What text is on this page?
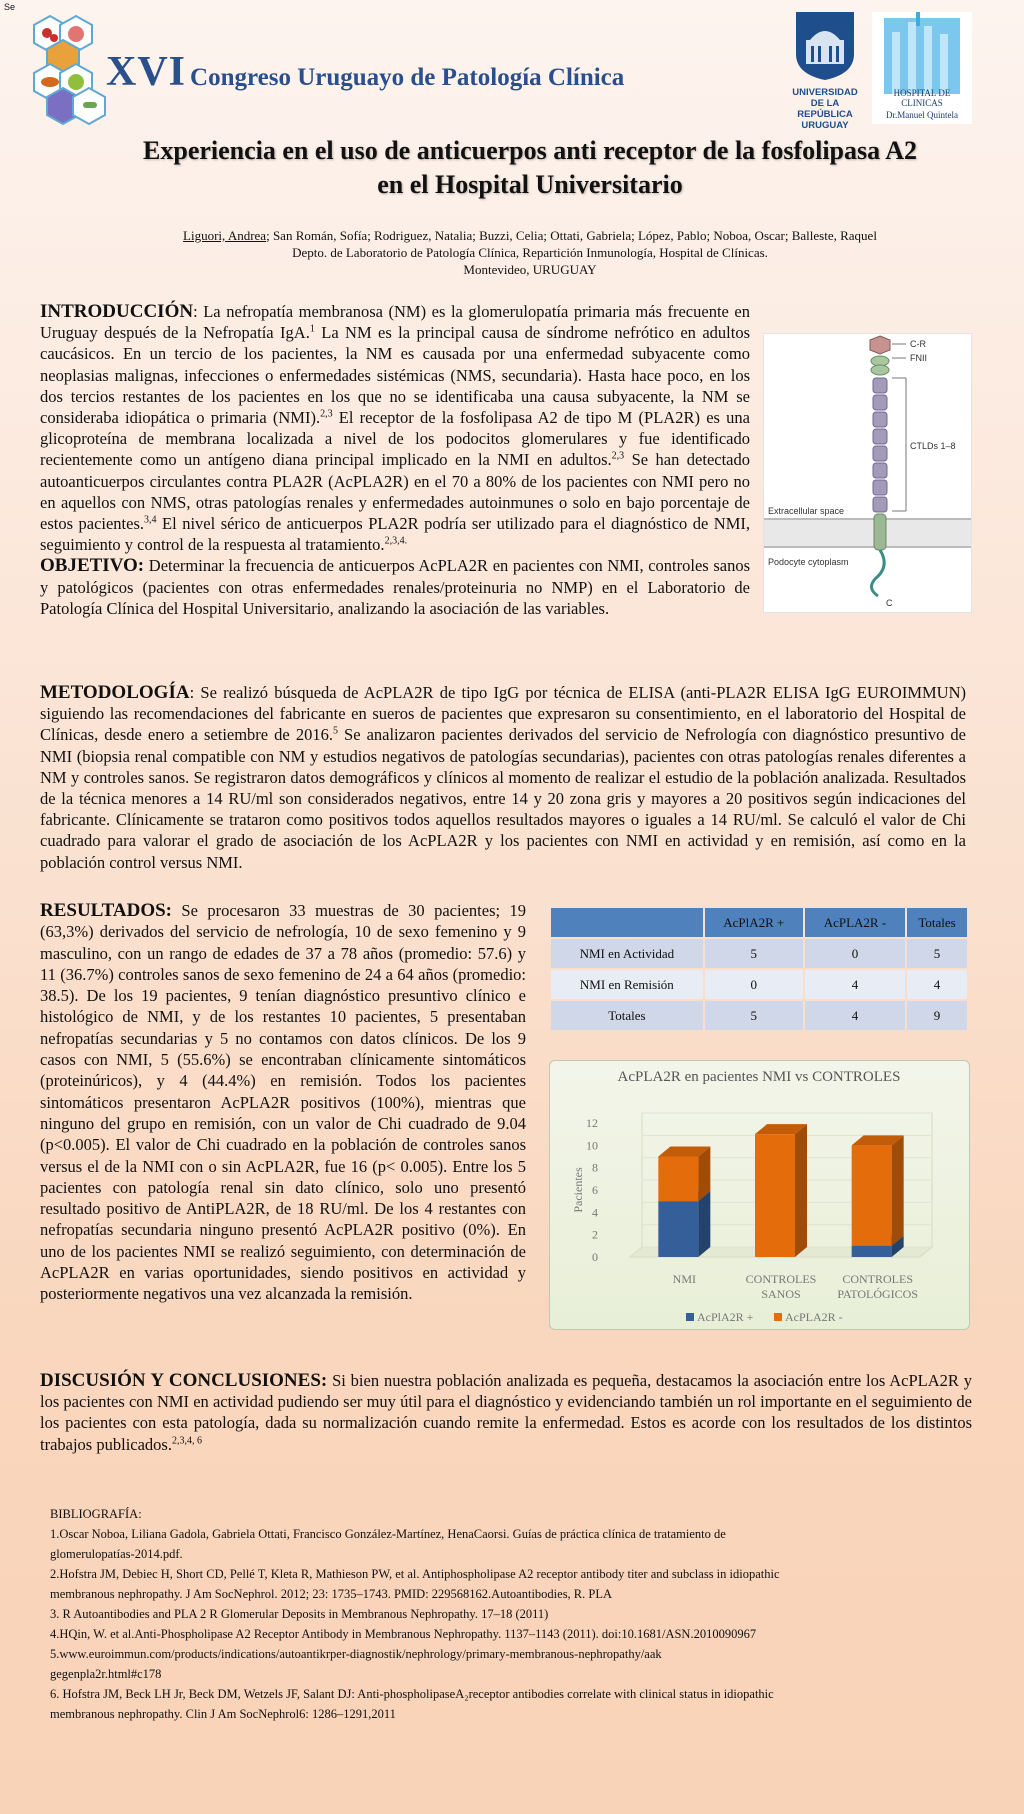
Se
XVI Congreso Uruguayo de Patología Clínica
UNIVERSIDAD
DE LA REPÚBLICA
URUGUAY
HOSPITAL DE CLINICAS
Dr.Manuel Quintela
Experiencia en el uso de anticuerpos anti receptor de la fosfolipasa A2
en el Hospital Universitario
Liguori, Andrea; San Román, Sofía; Rodriguez, Natalia; Buzzi, Celia; Ottati, Gabriela; López, Pablo; Noboa, Oscar; Balleste, Raquel
Depto. de Laboratorio de Patología Clínica, Repartición Inmunología, Hospital de Clínicas.
Montevideo, URUGUAY
INTRODUCCIÓN: La nefropatía membranosa (NM) es la glomerulopatía primaria más frecuente en Uruguay después de la Nefropatía IgA.$^1$ La NM es la principal causa de síndrome nefrótico en adultos caucásicos. En un tercio de los pacientes, la NM es causada por una enfermedad subyacente como neoplasias malignas, infecciones o enfermedades sistémicas (NMS, secundaria). Hasta hace poco, en los dos tercios restantes de los pacientes en los que no se identificaba una causa subyacente, la NM se consideraba idiopática o primaria (NMI).$^{2,3}$ El receptor de la fosfolipasa A2 de tipo M (PLA2R) es una glicoproteína de membrana localizada a nivel de los podocitos glomerulares y fue identificado recientemente como un antígeno diana principal implicado en la NMI en adultos.$^{2,3}$ Se han detectado autoanticuerpos circulantes contra PLA2R (AcPLA2R) en el 70 a 80% de los pacientes con NMI pero no en aquellos con NMS, otras patologías renales y enfermedades autoinmunes o solo en bajo porcentaje de estos pacientes.$^{3,4}$ El nivel sérico de anticuerpos PLA2R podría ser utilizado para el diagnóstico de NMI, seguimiento y control de la respuesta al tratamiento.$^{2,3,4.}$
OBJETIVO: Determinar la frecuencia de anticuerpos AcPLA2R en pacientes con NMI, controles sanos y patológicos (pacientes con otras enfermedades renales/proteinuria no NMP) en el Laboratorio de Patología Clínica del Hospital Universitario, analizando la asociación de las variables.
C-R
FNII
CTLDs 1–8
Extracellular space
Podocyte cytoplasm
C
METODOLOGÍA: Se realizó búsqueda de AcPLA2R de tipo IgG por técnica de ELISA (anti-PLA2R ELISA IgG EUROIMMUN) siguiendo las recomendaciones del fabricante en sueros de pacientes que expresaron su consentimiento, en el laboratorio del Hospital de Clínicas, desde enero a setiembre de 2016.$^5$ Se analizaron pacientes derivados del servicio de Nefrología con diagnóstico presuntivo de NMI (biopsia renal compatible con NM y estudios negativos de patologías secundarias), pacientes con otras patologías renales diferentes a NM y controles sanos. Se registraron datos demográficos y clínicos al momento de realizar el estudio de la población analizada. Resultados de la técnica menores a 14 RU/ml son considerados negativos, entre 14 y 20 zona gris y mayores a 20 positivos según indicaciones del fabricante. Clínicamente se trataron como positivos todos aquellos resultados mayores o iguales a 14 RU/ml. Se calculó el valor de Chi cuadrado para valorar el grado de asociación de los AcPLA2R y los pacientes con NMI en actividad y en remisión, así como en la población control versus NMI.
RESULTADOS: Se procesaron 33 muestras de 30 pacientes; 19 (63,3%) derivados del servicio de nefrología, 10 de sexo femenino y 9 masculino, con un rango de edades de 37 a 78 años (promedio: 57.6) y 11 (36.7%) controles sanos de sexo femenino de 24 a 64 años (promedio: 38.5). De los 19 pacientes, 9 tenían diagnóstico presuntivo clínico e histológico de NMI, y de los restantes 10 pacientes, 5 presentaban nefropatías secundarias y 5 no contamos con datos clínicos. De los 9 casos con NMI, 5 (55.6%) se encontraban clínicamente sintomáticos (proteinúricos), y 4 (44.4%) en remisión. Todos los pacientes sintomáticos presentaron AcPLA2R positivos (100%), mientras que ninguno del grupo en remisión, con un valor de Chi cuadrado de 9.04 (p<0.005). El valor de Chi cuadrado en la población de controles sanos versus el de la NMI con o sin AcPLA2R, fue 16 (p< 0.005). Entre los 5 pacientes con patología renal sin dato clínico, solo uno presentó resultado positivo de AntiPLA2R, de 18 RU/ml. De los 4 restantes con nefropatías secundaria ninguno presentó AcPLA2R positivo (0%). En uno de los pacientes NMI se realizó seguimiento, con determinación de AcPLA2R en varias oportunidades, siendo positivos en actividad y posteriormente negativos una vez alcanzada la remisión.
	AcPlA2R +	AcPLA2R -	Totales
NMI en Actividad	5	0	5
NMI en Remisión	0	4	4
Totales	5	4	9
AcPLA2R en pacientes NMI vs CONTROLES
0
2
4
6
8
10
12
Pacientes
NMI	CONTROLES
SANOS
CONTROLES
PATOLÓGICOS
AcPlA2R +	AcPLA2R -
DISCUSIÓN Y CONCLUSIONES: Si bien nuestra población analizada es pequeña, destacamos la asociación entre los AcPLA2R y los pacientes con NMI en actividad pudiendo ser muy útil para el diagnóstico y evidenciando también un rol importante en el seguimiento de los pacientes con esta patología, dada su normalización cuando remite la enfermedad. Estos es acorde con los resultados de los distintos trabajos publicados.$^{2,3,4, 6}$

BIBLIOGRAFÍA:

1.Oscar Noboa, Liliana Gadola, Gabriela Ottati, Francisco González-Martínez, HenaCaorsi. Guías de práctica clínica de tratamiento de
glomerulopatías-2014.pdf.

2.Hofstra JM, Debiec H, Short CD, Pellé T, Kleta R, Mathieson PW, et al. Antiphospholipase A2 receptor antibody titer and subclass in idiopathic
membranous nephropathy. J Am SocNephrol. 2012; 23: 1735–1743. PMID: 229568162.Autoantibodies, R. PLA

3. R Autoantibodies and PLA 2 R Glomerular Deposits in Membranous Nephropathy. 17–18 (2011)

4.HQin, W. et al.Anti-Phospholipase A2 Receptor Antibody in Membranous Nephropathy. 1137–1143 (2011). doi:10.1681/ASN.2010090967

5.www.euroimmun.com/products/indications/autoantikrper-diagnostik/nephrology/primary-membranous-nephropathy/aak
gegenpla2r.html#c178

6. Hofstra JM, Beck LH Jr, Beck DM, Wetzels JF, Salant DJ: Anti-phospholipaseA₂receptor antibodies correlate with clinical status in idiopathic
membranous nephropathy. Clin J Am SocNephrol6: 1286–1291,2011
